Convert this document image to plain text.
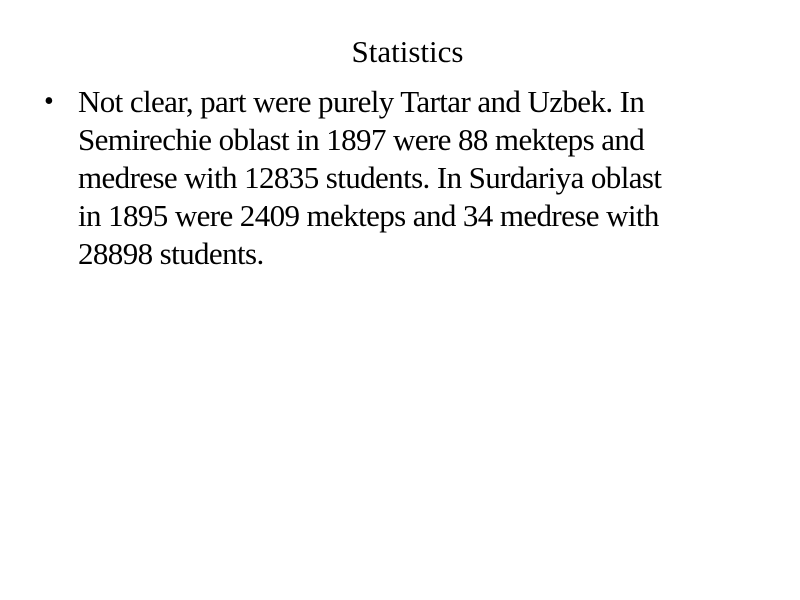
Statistics
• Not clear, part were purely Tartar and Uzbek. In Semirechie oblast in 1897 were 88 mekteps and medrese with 12835 students. In Surdariya oblast in 1895 were 2409 mekteps and 34 medrese with 28898 students.
